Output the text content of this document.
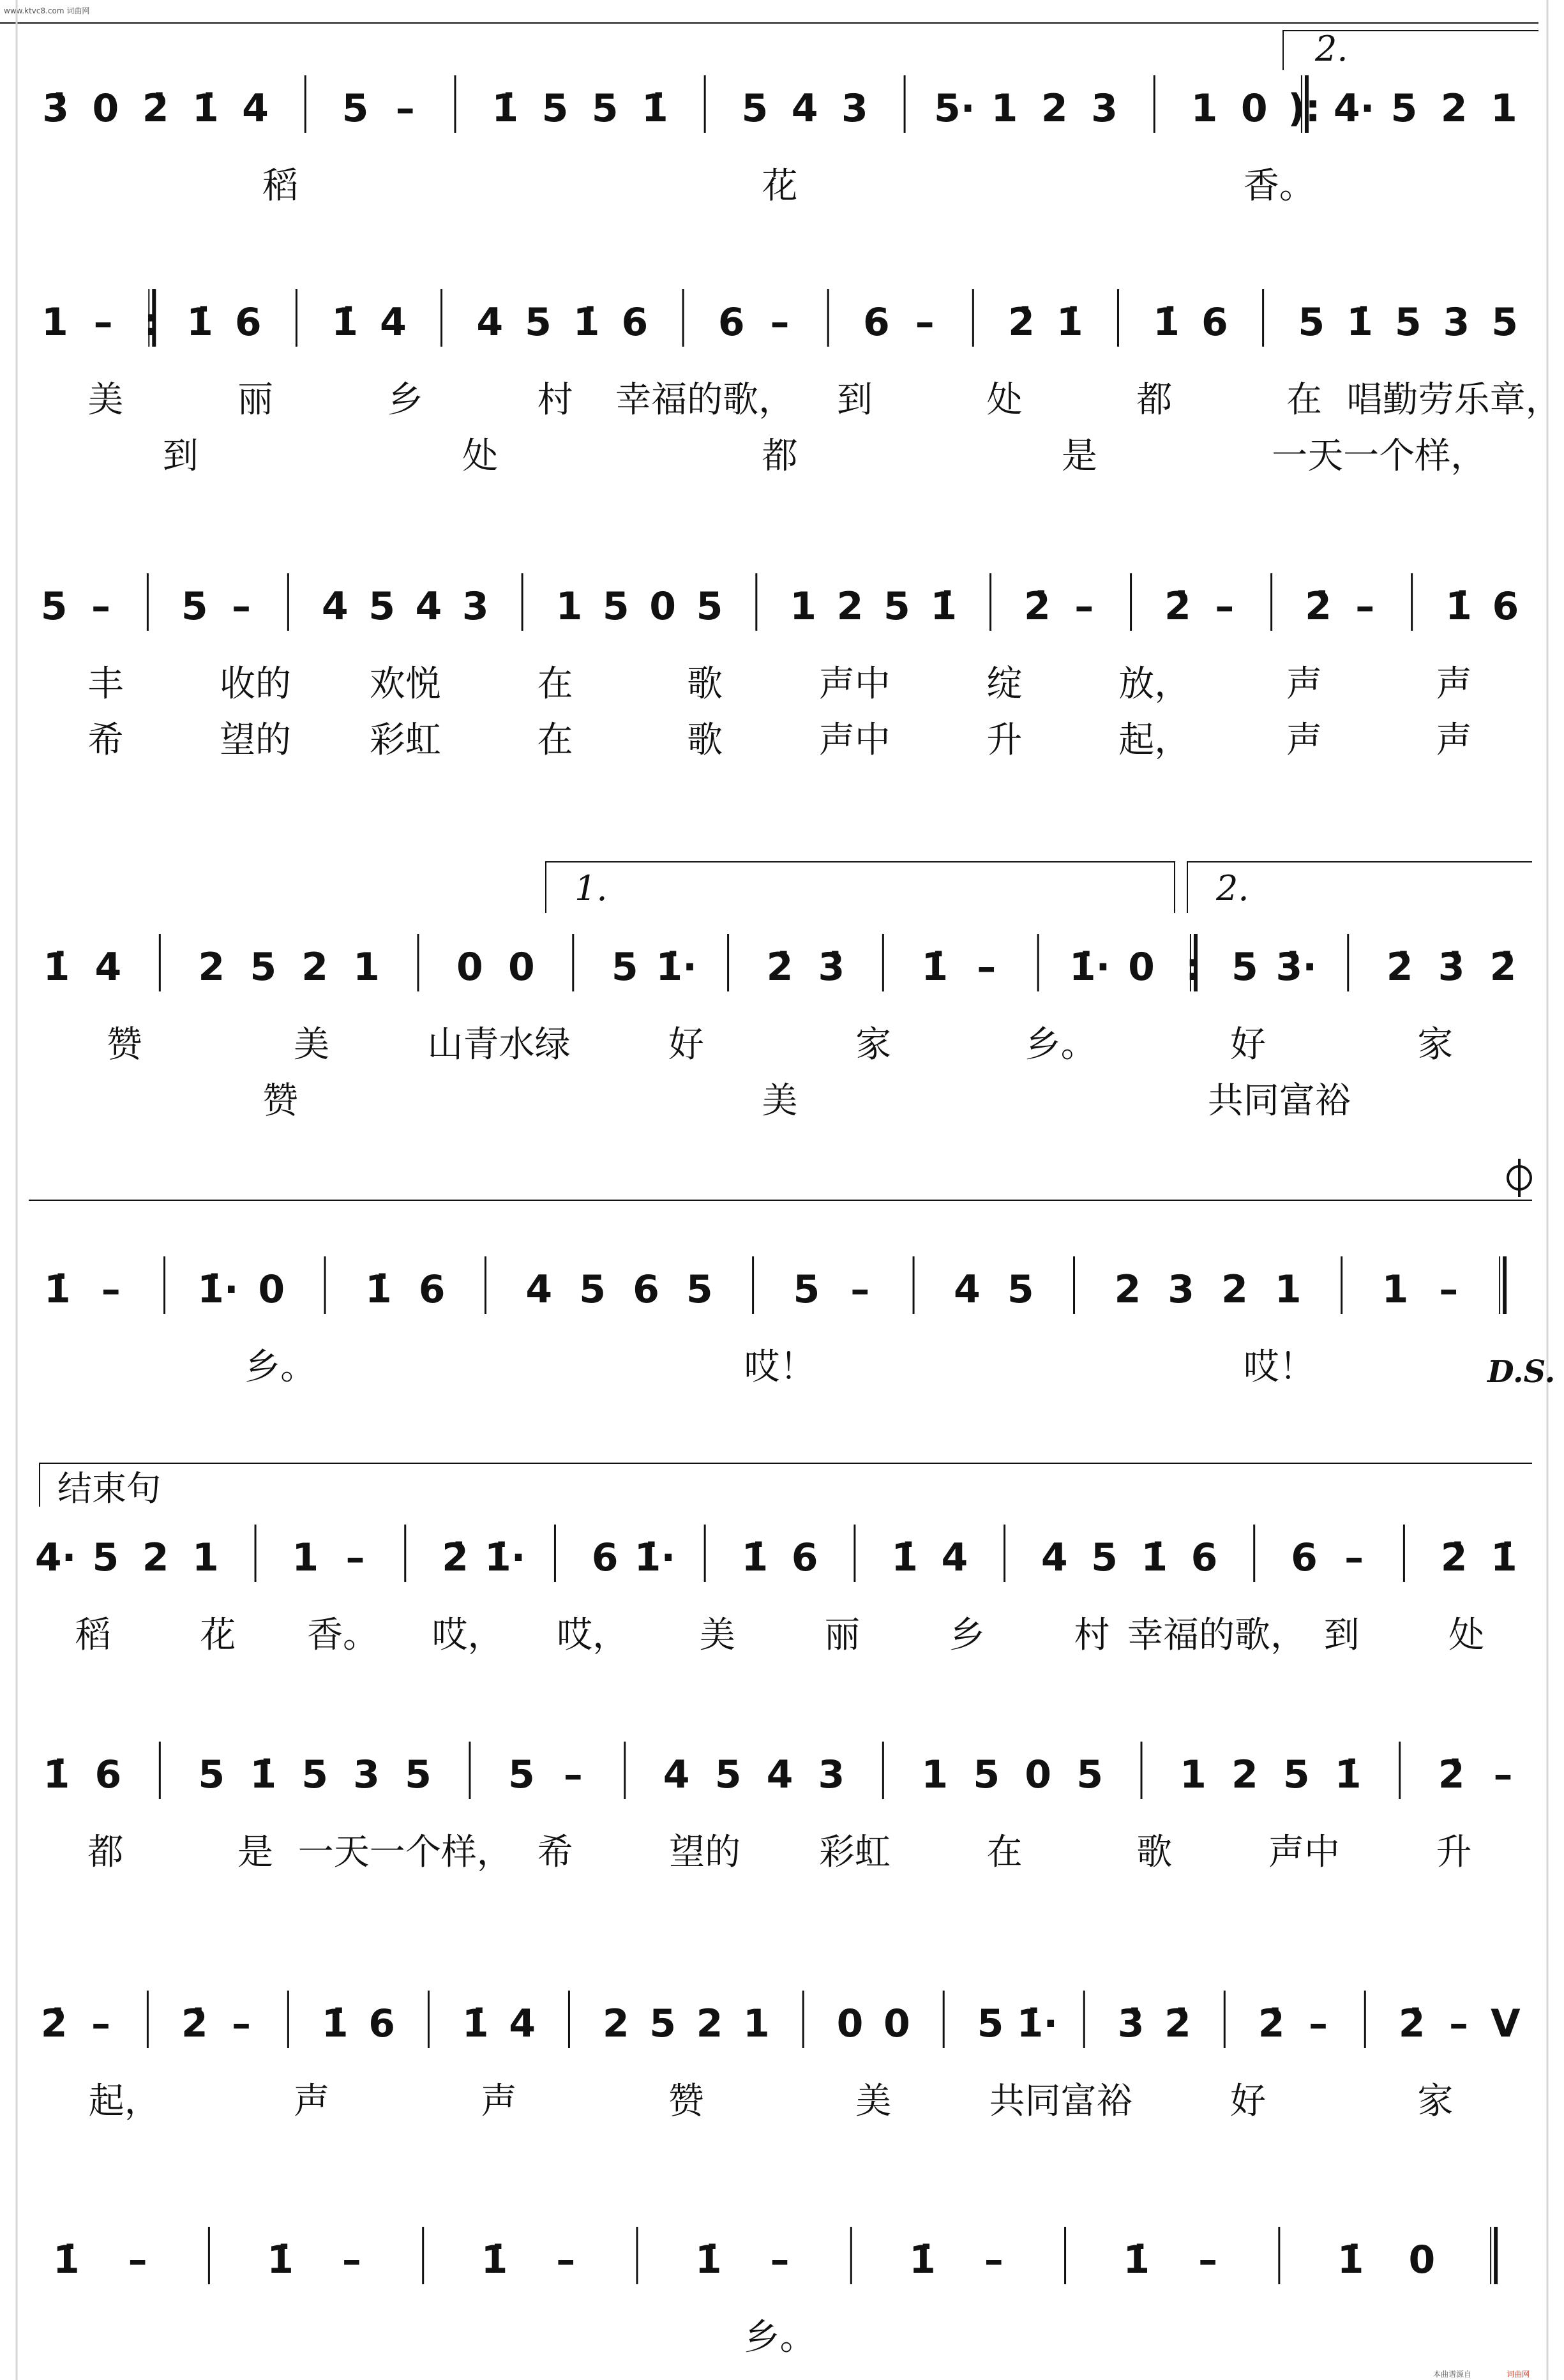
www.ktvc8.com 词曲网
3̇ 0 2̇ 1̇ 4 5 – 1̇ 5 5 1̇ 5 4 3 5· 1 2 3 1 0 ): 4· 5 2 1
稻	花	香。
1 – : 1̇ 6 1̇ 4 4 5 1̇ 6 6 – 6 – 2̇ 1̇ 1̇ 6 5 1̇ 5 3 5
美	丽	乡	村 幸福的歌， 到	处	都	在 唱勤劳乐章，
到	处	都	是	一天一个样，
5 – 5 – 4 5 4 3 1 5 0 5 1 2 5 1̇ 2̇ – 2̇ – 2̇ – 1̇ 6
丰	收的 欢悦	在	歌	声中	绽	放，	声	声
希	望的 彩虹	在	歌	声中	升	起，	声	声
1̇ 4 2 5 2 1 0 0 5 1̇· 2̇ 3̇ 1̇ – 1̇· 0 : 5 3̇· 2̇ 3̇ 2̇
赞	美	山青水绿	好	家	乡。	好	家
赞	美	共同富裕
1̇ – 1̇· 0 1̇ 6 4 5 6 5 5 – 4 5 2 3 2 1 1 –
乡。	哎！	哎！
4· 5 2 1 1 – 2̇ 1̇· 6 1̇· 1̇ 6 1̇ 4 4 5 1̇ 6 6 – 2̇ 1̇
稻 花 香。 哎， 哎， 美 丽 乡 村 幸福的歌， 到 处
1̇ 6 5 1̇ 5 3 5 5 – 4 5 4 3 1 5 0 5 1 2 5 1̇ 2̇ –
都	是 一天一个样， 希	望的 彩虹	在	歌	声中	升
2̇ – 2̇ – 1̇ 6 1̇ 4 2 5 2 1 0 0 5 1̇· 3̇ 2̇ 2̇ – 2̇ – V
起，	声	声	赞	美	共同富裕	好	家
1̇ –	1̇ –	1̇ –	1̇ –	1̇ –	1̇ –	1̇ 0
乡。
2.
1.	2.
D.S.
结束句
本曲谱源自	词曲网
